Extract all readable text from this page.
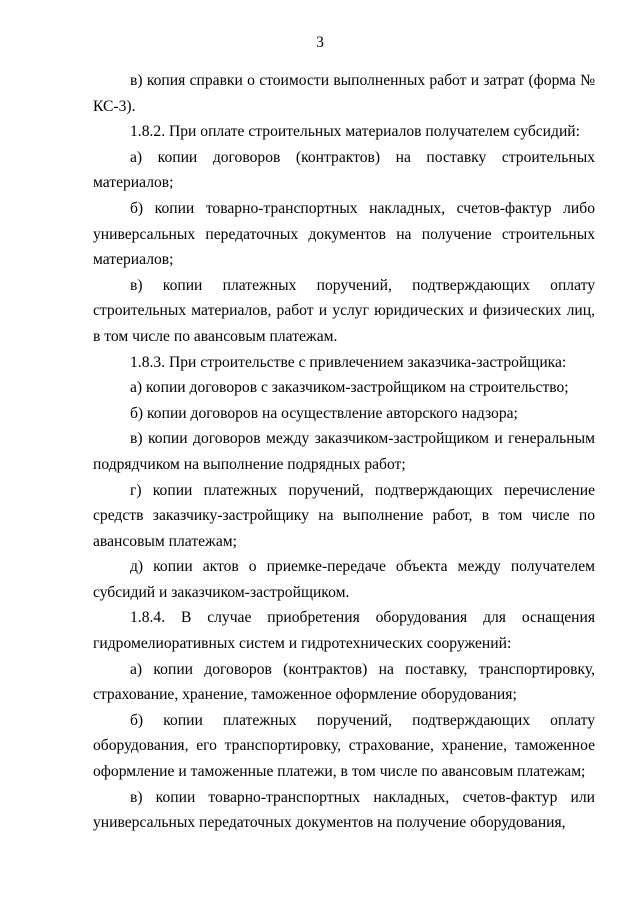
3

в) копия справки о стоимости выполненных работ и затрат (форма № КС-3).

1.8.2. При оплате строительных материалов получателем субсидий:

а) копии договоров (контрактов) на поставку строительных материалов;

б) копии товарно-транспортных накладных, счетов-фактур либо универсальных передаточных документов на получение строительных материалов;

в) копии платежных поручений, подтверждающих оплату строительных материалов, работ и услуг юридических и физических лиц, в том числе по авансовым платежам.

1.8.3. При строительстве с привлечением заказчика-застройщика:

а) копии договоров с заказчиком-застройщиком на строительство;

б) копии договоров на осуществление авторского надзора;

в) копии договоров между заказчиком-застройщиком и генеральным подрядчиком на выполнение подрядных работ;

г) копии платежных поручений, подтверждающих перечисление средств заказчику-застройщику на выполнение работ, в том числе по авансовым платежам;

д) копии актов о приемке-передаче объекта между получателем субсидий и заказчиком-застройщиком.

1.8.4. В случае приобретения оборудования для оснащения гидромелиоративных систем и гидротехнических сооружений:

а) копии договоров (контрактов) на поставку, транспортировку, страхование, хранение, таможенное оформление оборудования;

б) копии платежных поручений, подтверждающих оплату оборудования, его транспортировку, страхование, хранение, таможенное оформление и таможенные платежи, в том числе по авансовым платежам;

в) копии товарно-транспортных накладных, счетов-фактур или универсальных передаточных документов на получение оборудования,
